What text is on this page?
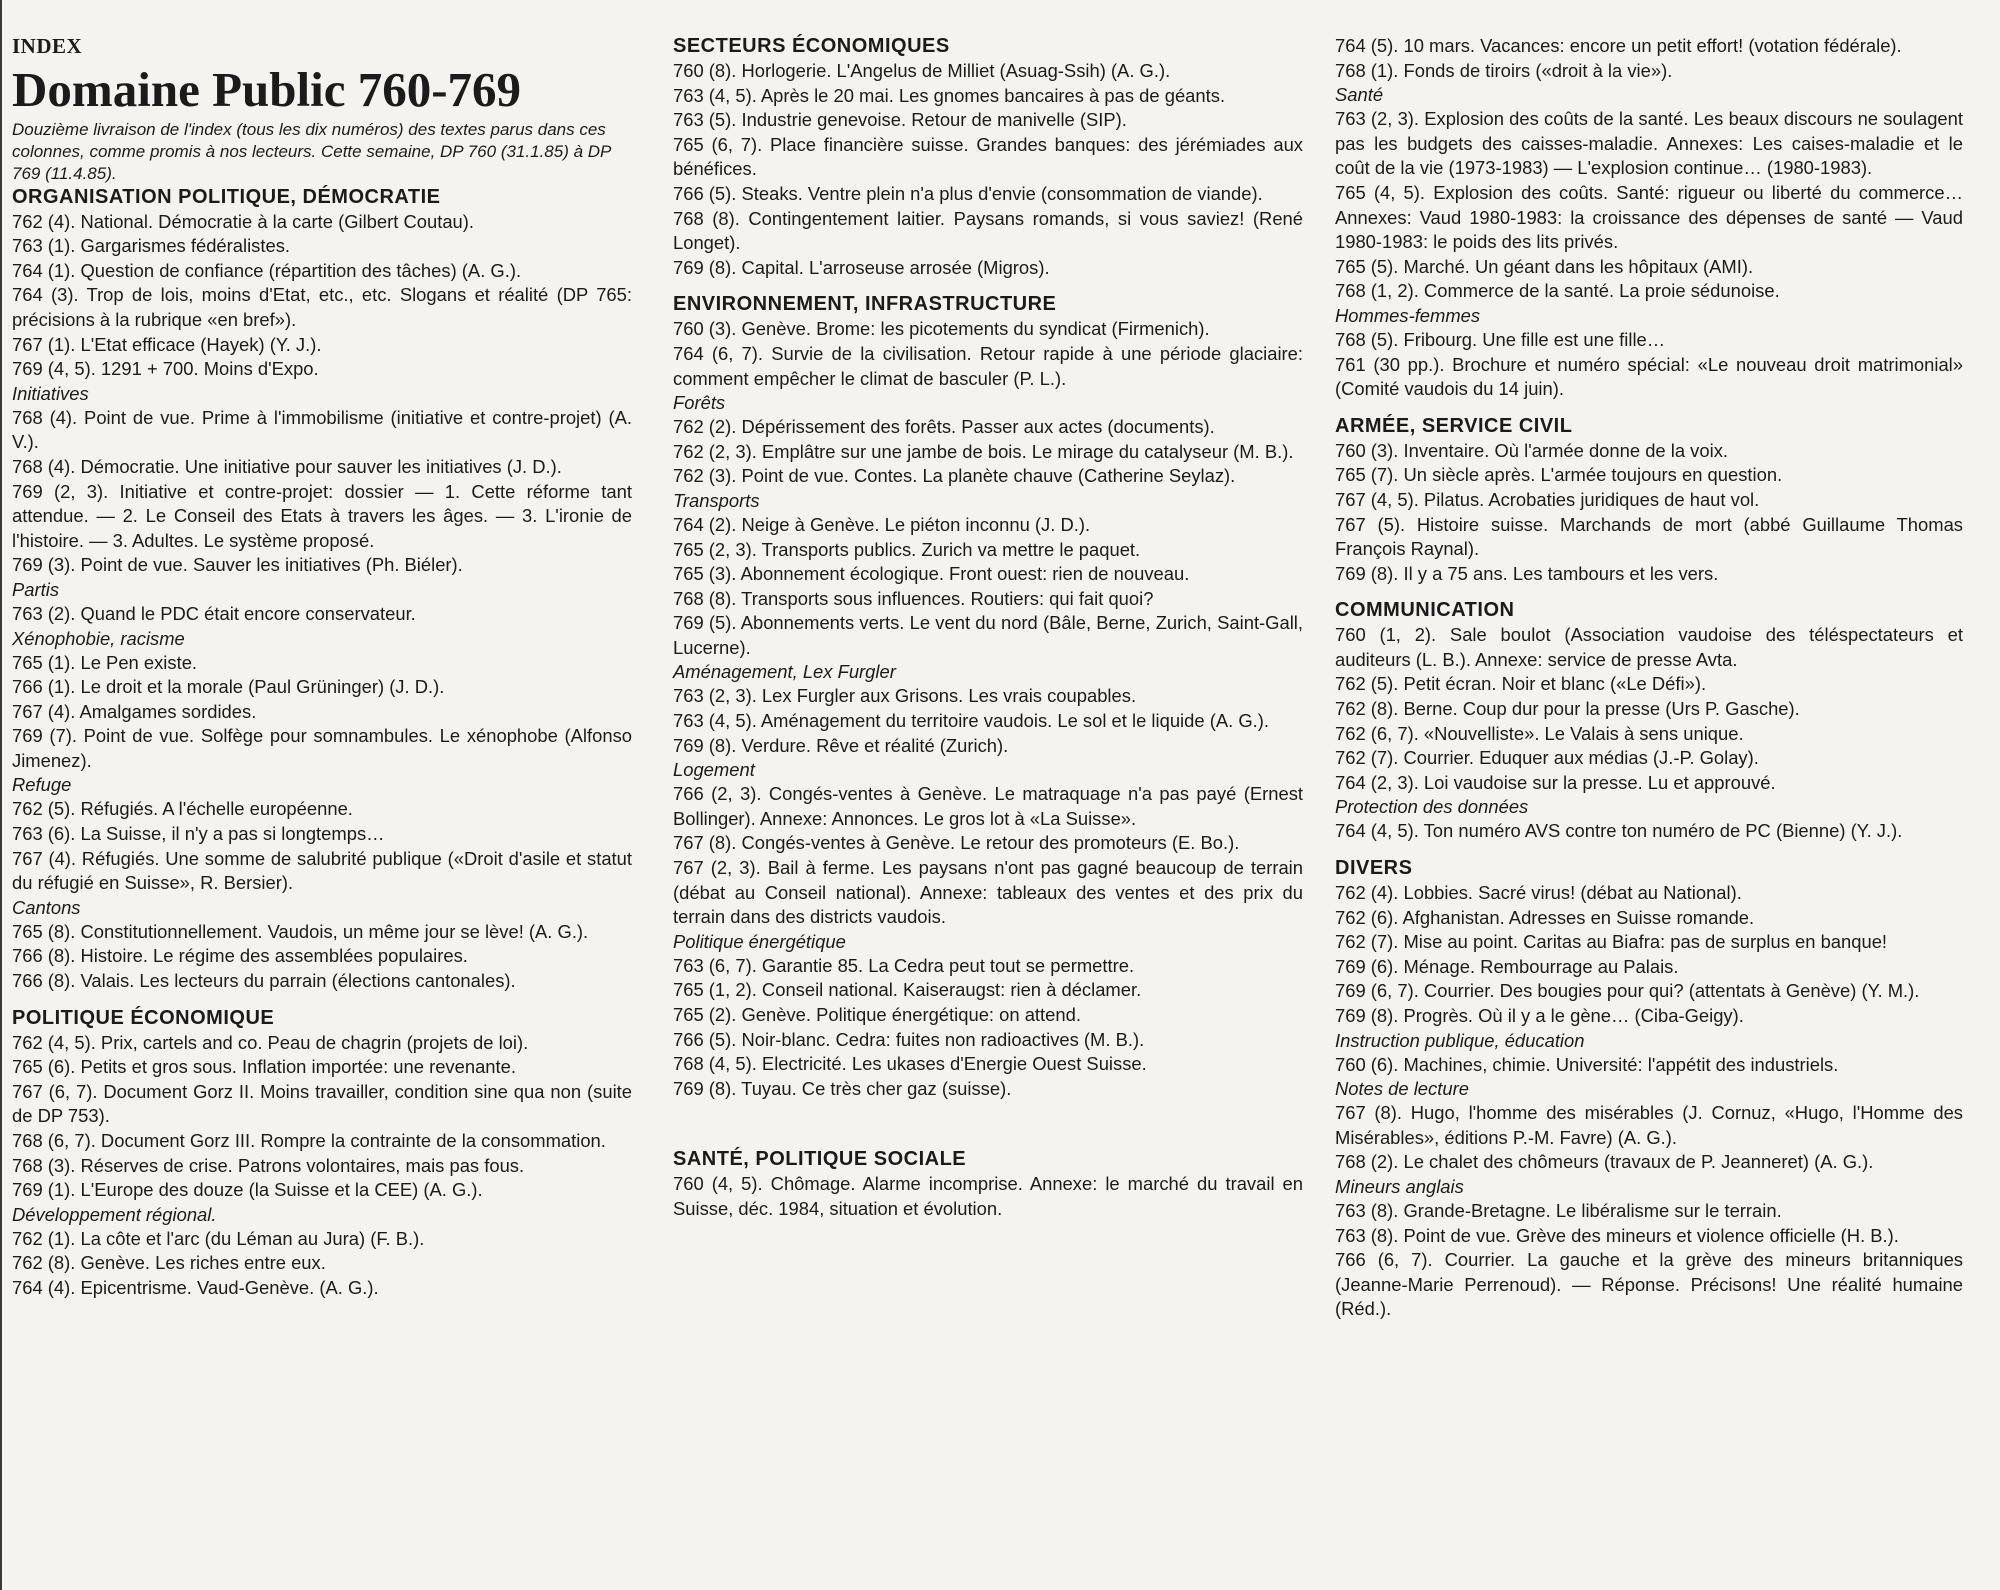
INDEX
Domaine Public 760-769
Douzième livraison de l'index (tous les dix numéros) des textes parus dans ces colonnes, comme promis à nos lecteurs. Cette semaine, DP 760 (31.1.85) à DP 769 (11.4.85).
ORGANISATION POLITIQUE, DÉMOCRATIE
762 (4). National. Démocratie à la carte (Gilbert Coutau).
763 (1). Gargarismes fédéralistes.
764 (1). Question de confiance (répartition des tâches) (A. G.).
764 (3). Trop de lois, moins d'Etat, etc., etc. Slogans et réalité (DP 765: précisions à la rubrique «en bref»).
767 (1). L'Etat efficace (Hayek) (Y. J.).
769 (4, 5). 1291 + 700. Moins d'Expo.
Initiatives
768 (4). Point de vue. Prime à l'immobilisme (initiative et contre-projet) (A. V.).
768 (4). Démocratie. Une initiative pour sauver les initiatives (J. D.).
769 (2, 3). Initiative et contre-projet: dossier — 1. Cette réforme tant attendue. — 2. Le Conseil des Etats à travers les âges. — 3. L'ironie de l'histoire. — 3. Adultes. Le système proposé.
769 (3). Point de vue. Sauver les initiatives (Ph. Biéler).
Partis
763 (2). Quand le PDC était encore conservateur.
Xénophobie, racisme
765 (1). Le Pen existe.
766 (1). Le droit et la morale (Paul Grüninger) (J. D.).
767 (4). Amalgames sordides.
769 (7). Point de vue. Solfège pour somnambules. Le xénophobe (Alfonso Jimenez).
Refuge
762 (5). Réfugiés. A l'échelle européenne.
763 (6). La Suisse, il n'y a pas si longtemps…
767 (4). Réfugiés. Une somme de salubrité publique («Droit d'asile et statut du réfugié en Suisse», R. Bersier).
Cantons
765 (8). Constitutionnellement. Vaudois, un même jour se lève! (A. G.).
766 (8). Histoire. Le régime des assemblées populaires.
766 (8). Valais. Les lecteurs du parrain (élections cantonales).
POLITIQUE ÉCONOMIQUE
762 (4, 5). Prix, cartels and co. Peau de chagrin (projets de loi).
765 (6). Petits et gros sous. Inflation importée: une revenante.
767 (6, 7). Document Gorz II. Moins travailler, condition sine qua non (suite de DP 753).
768 (6, 7). Document Gorz III. Rompre la contrainte de la consommation.
768 (3). Réserves de crise. Patrons volontaires, mais pas fous.
769 (1). L'Europe des douze (la Suisse et la CEE) (A. G.).
Développement régional.
762 (1). La côte et l'arc (du Léman au Jura) (F. B.).
762 (8). Genève. Les riches entre eux.
764 (4). Epicentrisme. Vaud-Genève. (A. G.).
SECTEURS ÉCONOMIQUES
760 (8). Horlogerie. L'Angelus de Milliet (Asuag-Ssih) (A. G.).
763 (4, 5). Après le 20 mai. Les gnomes bancaires à pas de géants.
763 (5). Industrie genevoise. Retour de manivelle (SIP).
765 (6, 7). Place financière suisse. Grandes banques: des jérémiades aux bénéfices.
766 (5). Steaks. Ventre plein n'a plus d'envie (consommation de viande).
768 (8). Contingentement laitier. Paysans romands, si vous saviez! (René Longet).
769 (8). Capital. L'arroseuse arrosée (Migros).
ENVIRONNEMENT, INFRASTRUCTURE
760 (3). Genève. Brome: les picotements du syndicat (Firmenich).
764 (6, 7). Survie de la civilisation. Retour rapide à une période glaciaire: comment empêcher le climat de basculer (P. L.).
Forêts
762 (2). Dépérissement des forêts. Passer aux actes (documents).
762 (2, 3). Emplâtre sur une jambe de bois. Le mirage du catalyseur (M. B.).
762 (3). Point de vue. Contes. La planète chauve (Catherine Seylaz).
Transports
764 (2). Neige à Genève. Le piéton inconnu (J. D.).
765 (2, 3). Transports publics. Zurich va mettre le paquet.
765 (3). Abonnement écologique. Front ouest: rien de nouveau.
768 (8). Transports sous influences. Routiers: qui fait quoi?
769 (5). Abonnements verts. Le vent du nord (Bâle, Berne, Zurich, Saint-Gall, Lucerne).
Aménagement, Lex Furgler
763 (2, 3). Lex Furgler aux Grisons. Les vrais coupables.
763 (4, 5). Aménagement du territoire vaudois. Le sol et le liquide (A. G.).
769 (8). Verdure. Rêve et réalité (Zurich).
Logement
766 (2, 3). Congés-ventes à Genève. Le matraquage n'a pas payé (Ernest Bollinger). Annexe: Annonces. Le gros lot à «La Suisse».
767 (8). Congés-ventes à Genève. Le retour des promoteurs (E. Bo.).
767 (2, 3). Bail à ferme. Les paysans n'ont pas gagné beaucoup de terrain (débat au Conseil national). Annexe: tableaux des ventes et des prix du terrain dans des districts vaudois.
Politique énergétique
763 (6, 7). Garantie 85. La Cedra peut tout se permettre.
765 (1, 2). Conseil national. Kaiseraugst: rien à déclamer.
765 (2). Genève. Politique énergétique: on attend.
766 (5). Noir-blanc. Cedra: fuites non radioactives (M. B.).
768 (4, 5). Electricité. Les ukases d'Energie Ouest Suisse.
769 (8). Tuyau. Ce très cher gaz (suisse).
SANTÉ, POLITIQUE SOCIALE
760 (4, 5). Chômage. Alarme incomprise. Annexe: le marché du travail en Suisse, déc. 1984, situation et évolution.
764 (5). 10 mars. Vacances: encore un petit effort! (votation fédérale).
768 (1). Fonds de tiroirs («droit à la vie»).
Santé
763 (2, 3). Explosion des coûts de la santé. Les beaux discours ne soulagent pas les budgets des caisses-maladie. Annexes: Les caises-maladie et le coût de la vie (1973-1983) — L'explosion continue… (1980-1983).
765 (4, 5). Explosion des coûts. Santé: rigueur ou liberté du commerce… Annexes: Vaud 1980-1983: la croissance des dépenses de santé — Vaud 1980-1983: le poids des lits privés.
765 (5). Marché. Un géant dans les hôpitaux (AMI).
768 (1, 2). Commerce de la santé. La proie sédunoise.
Hommes-femmes
768 (5). Fribourg. Une fille est une fille…
761 (30 pp.). Brochure et numéro spécial: «Le nouveau droit matrimonial» (Comité vaudois du 14 juin).
ARMÉE, SERVICE CIVIL
760 (3). Inventaire. Où l'armée donne de la voix.
765 (7). Un siècle après. L'armée toujours en question.
767 (4, 5). Pilatus. Acrobaties juridiques de haut vol.
767 (5). Histoire suisse. Marchands de mort (abbé Guillaume Thomas François Raynal).
769 (8). Il y a 75 ans. Les tambours et les vers.
COMMUNICATION
760 (1, 2). Sale boulot (Association vaudoise des téléspectateurs et auditeurs (L. B.). Annexe: service de presse Avta.
762 (5). Petit écran. Noir et blanc («Le Défi»).
762 (8). Berne. Coup dur pour la presse (Urs P. Gasche).
762 (6, 7). «Nouvelliste». Le Valais à sens unique.
762 (7). Courrier. Eduquer aux médias (J.-P. Golay).
764 (2, 3). Loi vaudoise sur la presse. Lu et approuvé.
Protection des données
764 (4, 5). Ton numéro AVS contre ton numéro de PC (Bienne) (Y. J.).
DIVERS
762 (4). Lobbies. Sacré virus! (débat au National).
762 (6). Afghanistan. Adresses en Suisse romande.
762 (7). Mise au point. Caritas au Biafra: pas de surplus en banque!
769 (6). Ménage. Rembourrage au Palais.
769 (6, 7). Courrier. Des bougies pour qui? (attentats à Genève) (Y. M.).
769 (8). Progrès. Où il y a le gène… (Ciba-Geigy).
Instruction publique, éducation
760 (6). Machines, chimie. Université: l'appétit des industriels.
Notes de lecture
767 (8). Hugo, l'homme des misérables (J. Cornuz, «Hugo, l'Homme des Misérables», éditions P.-M. Favre) (A. G.).
768 (2). Le chalet des chômeurs (travaux de P. Jeanneret) (A. G.).
Mineurs anglais
763 (8). Grande-Bretagne. Le libéralisme sur le terrain.
763 (8). Point de vue. Grève des mineurs et violence officielle (H. B.).
766 (6, 7). Courrier. La gauche et la grève des mineurs britanniques (Jeanne-Marie Perrenoud). — Réponse. Précisons! Une réalité humaine (Réd.).
